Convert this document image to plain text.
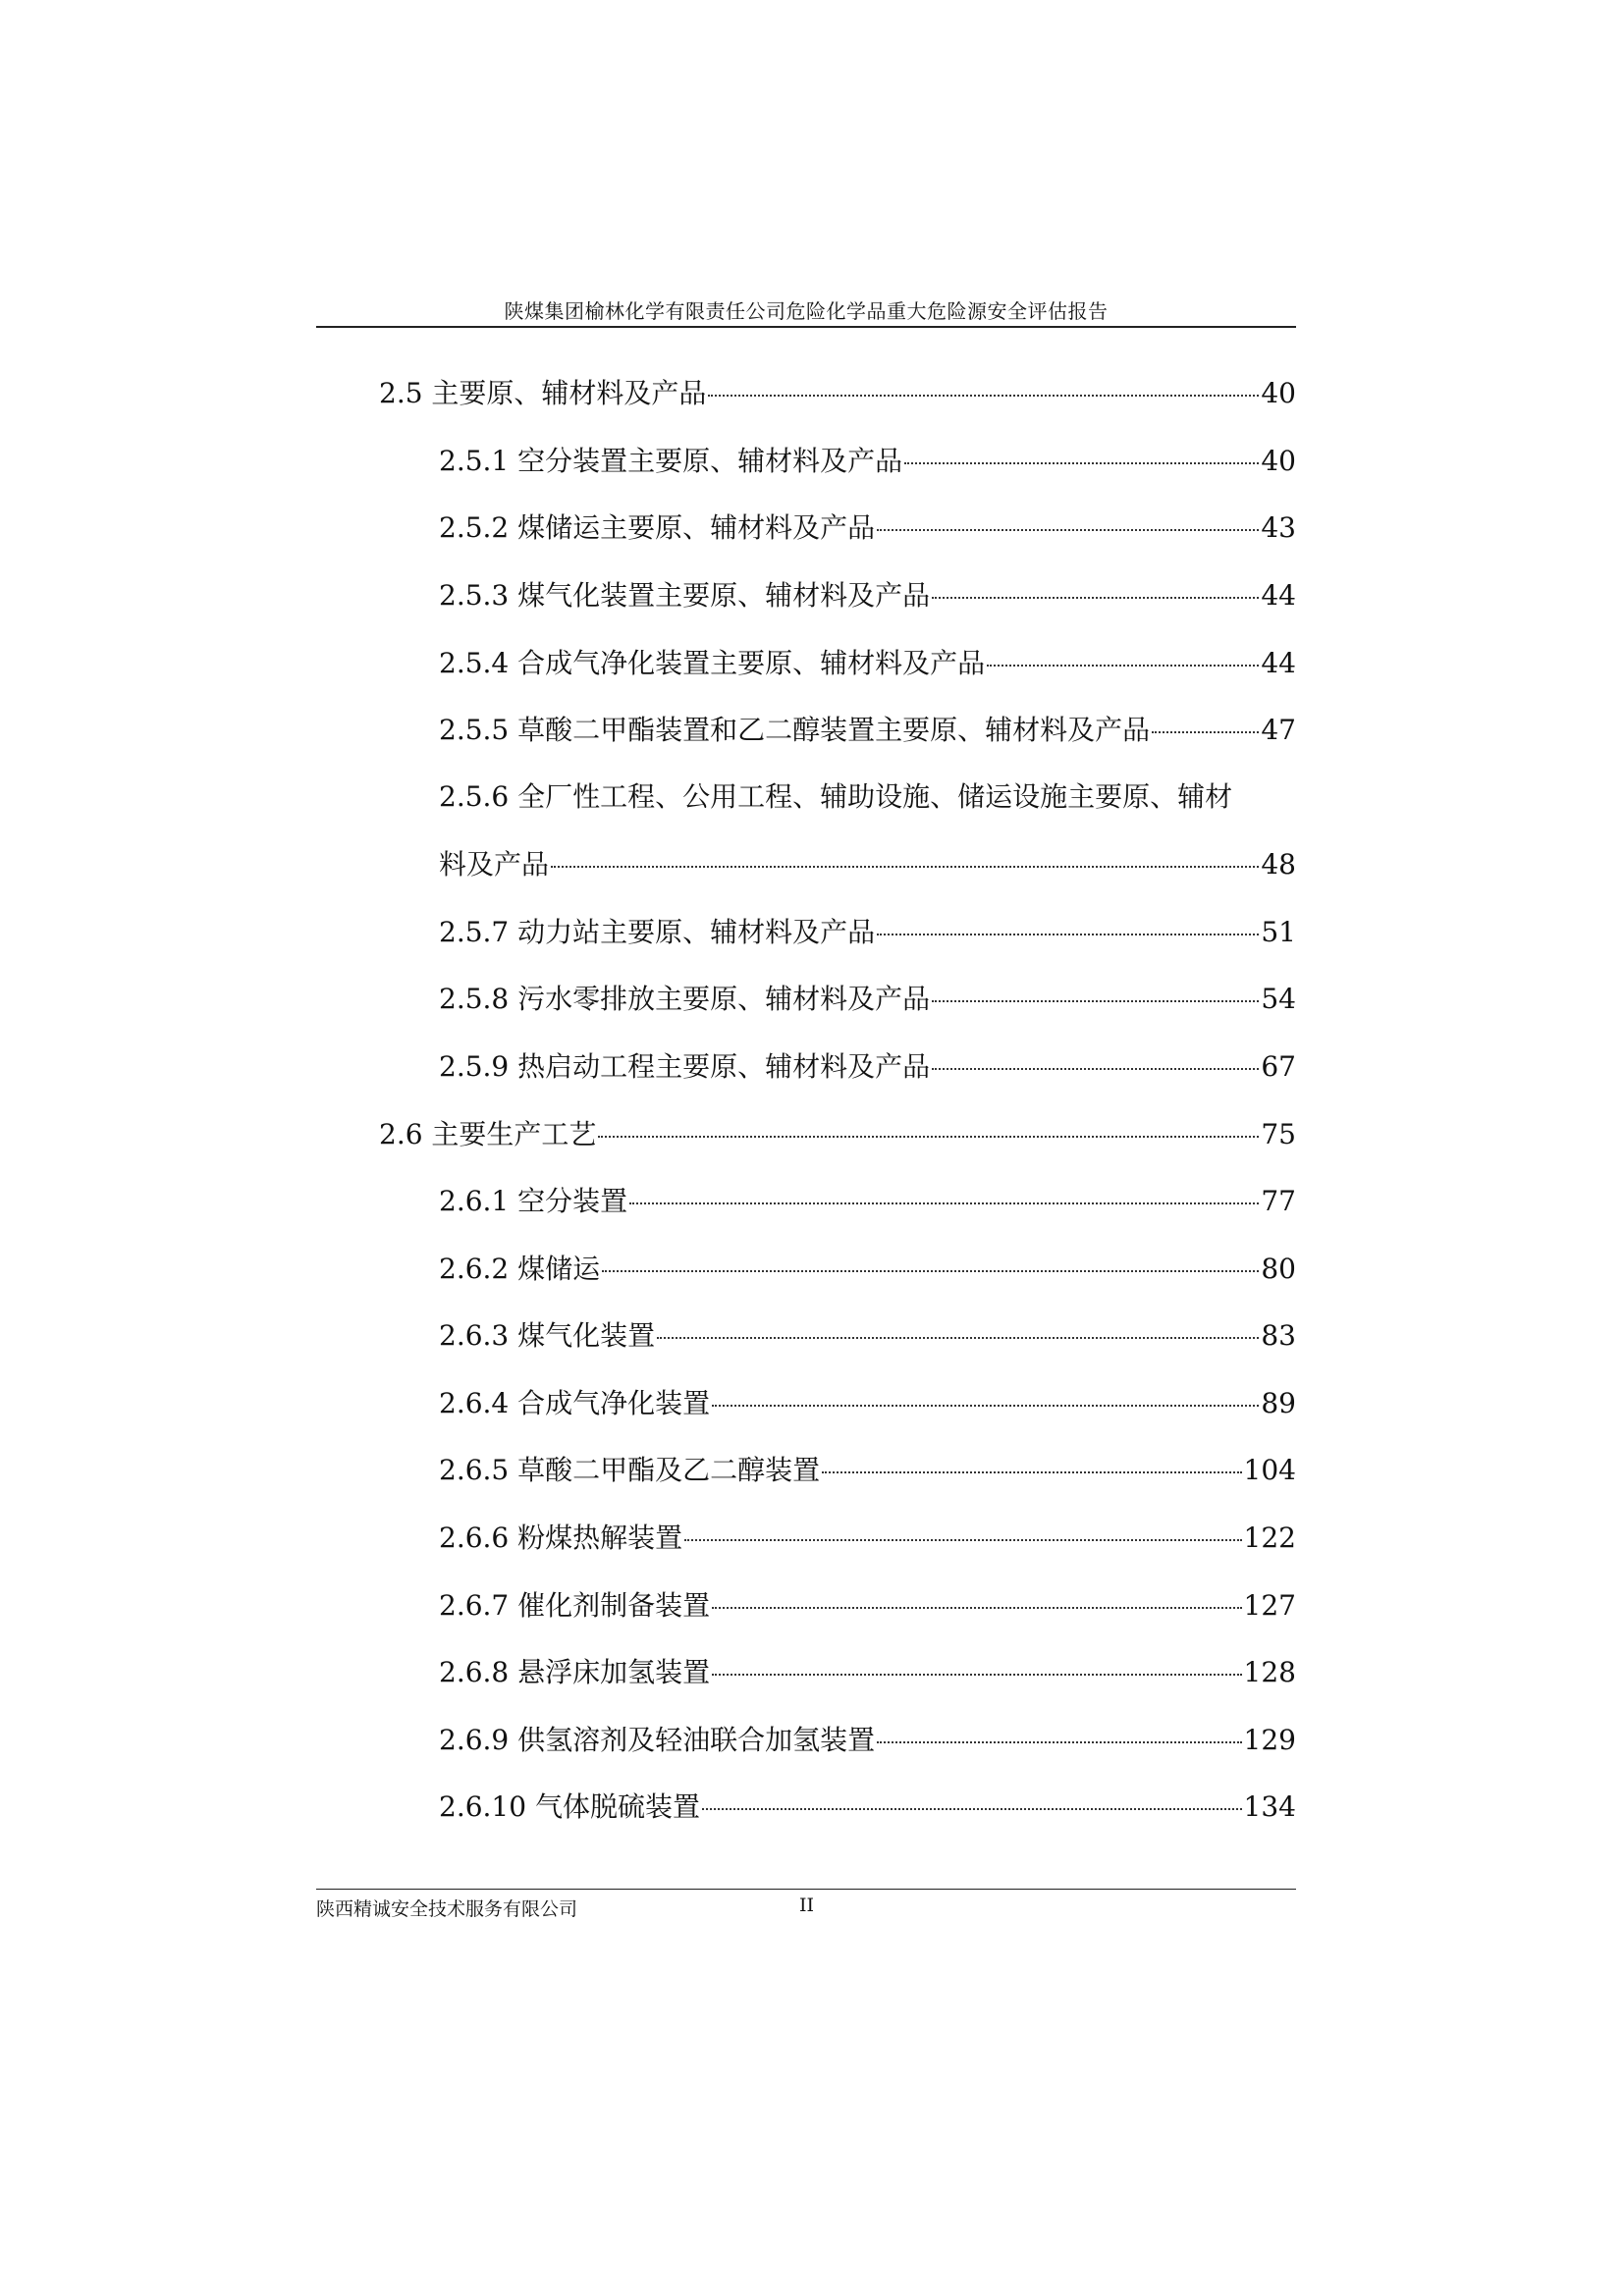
陕煤集团榆林化学有限责任公司危险化学品重大危险源安全评估报告
2.5 主要原、辅材料及产品	40
2.5.1 空分装置主要原、辅材料及产品	40
2.5.2 煤储运主要原、辅材料及产品	43
2.5.3 煤气化装置主要原、辅材料及产品	44
2.5.4 合成气净化装置主要原、辅材料及产品	44
2.5.5 草酸二甲酯装置和乙二醇装置主要原、辅材料及产品	47
2.5.6 全厂性工程、公用工程、辅助设施、储运设施主要原、辅材
料及产品	48
2.5.7 动力站主要原、辅材料及产品	51
2.5.8 污水零排放主要原、辅材料及产品	54
2.5.9 热启动工程主要原、辅材料及产品	67
2.6 主要生产工艺	75
2.6.1 空分装置	77
2.6.2 煤储运	80
2.6.3 煤气化装置	83
2.6.4 合成气净化装置	89
2.6.5 草酸二甲酯及乙二醇装置	104
2.6.6 粉煤热解装置	122
2.6.7 催化剂制备装置	127
2.6.8 悬浮床加氢装置	128
2.6.9 供氢溶剂及轻油联合加氢装置	129
2.6.10 气体脱硫装置	134
陕西精诚安全技术服务有限公司	II
